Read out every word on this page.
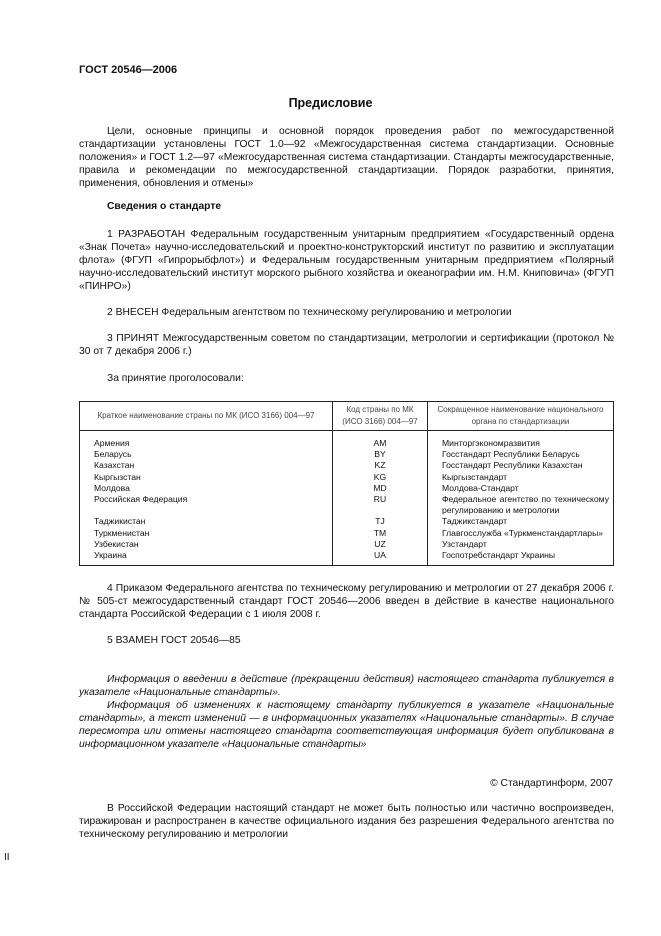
ГОСТ 20546—2006
Предисловие

Цели, основные принципы и основной порядок проведения работ по межгосударственной стандартизации установлены ГОСТ 1.0—92 «Межгосударственная система стандартизации. Основные положения» и ГОСТ 1.2—97 «Межгосударственная система стандартизации. Стандарты межгосударственные, правила и рекомендации по межгосударственной стандартизации. Порядок разработки, принятия, применения, обновления и отмены»

Сведения о стандарте

1 РАЗРАБОТАН Федеральным государственным унитарным предприятием «Государственный ордена «Знак Почета» научно-исследовательский и проектно-конструкторский институт по развитию и эксплуатации флота» (ФГУП «Гипрорыбфлот») и Федеральным государственным унитарным предприятием «Полярный научно-исследовательский институт морского рыбного хозяйства и океанографии им. Н.М. Книповича» (ФГУП «ПИНРО»)

2 ВНЕСЕН Федеральным агентством по техническому регулированию и метрологии

3 ПРИНЯТ Межгосударственным советом по стандартизации, метрологии и сертификации (протокол № 30 от 7 декабря 2006 г.)

За принятие проголосовали:
Краткое наименование страны по МК (ИСО 3166) 004—97	Код страны по МК (ИСО 3166) 004—97	Сокращенное наименование национального органа по стандартизации
Армения	AM	Минторгэкономразвития
Беларусь	BY	Госстандарт Республики Беларусь
Казахстан	KZ	Госстандарт Республики Казахстан
Кыргызстан	KG	Кыргызстандарт
Молдова	MD	Молдова-Стандарт
Российская Федерация	RU	Федеральное агентство по техническому регулированию и метрологии
Таджикистан	TJ	Таджикстандарт
Туркменистан	TM	Главгосслужба «Туркменстандартлары»
Узбекистан	UZ	Узстандарт
Украина	UA	Госпотребстандарт Украины

4 Приказом Федерального агентства по техническому регулированию и метрологии от 27 декабря 2006 г. № 505-ст межгосударственный стандарт ГОСТ 20546—2006 введен в действие в качестве национального стандарта Российской Федерации с 1 июля 2008 г.

5 ВЗАМЕН ГОСТ 20546—85

Информация о введении в действие (прекращении действия) настоящего стандарта публикуется в указателе «Национальные стандарты».

Информация об изменениях к настоящему стандарту публикуется в указателе «Национальные стандарты», а текст изменений — в информационных указателях «Национальные стандарты». В случае пересмотра или отмены настоящего стандарта соответствующая информация будет опубликована в информационном указателе «Национальные стандарты»

© Стандартинформ, 2007

В Российской Федерации настоящий стандарт не может быть полностью или частично воспроизведен, тиражирован и распространен в качестве официального издания без разрешения Федерального агентства по техническому регулированию и метрологии

II
